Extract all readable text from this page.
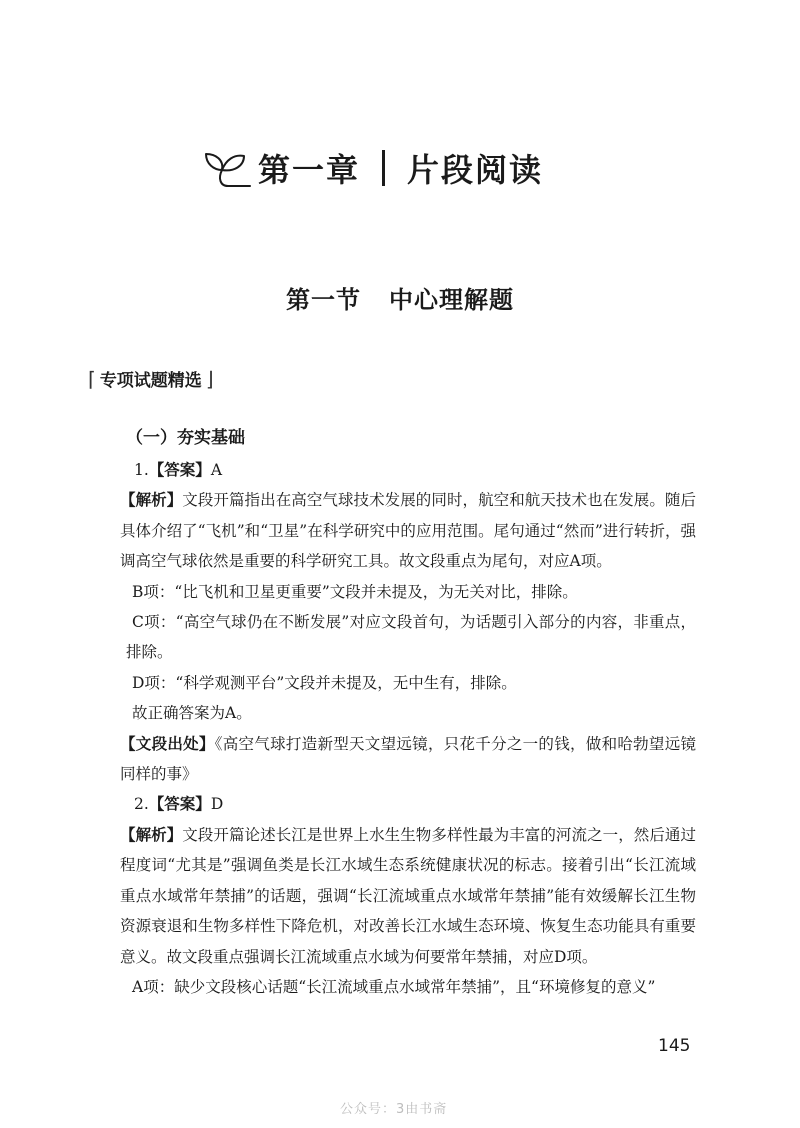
第一章 片段阅读
第一节 中心理解题
⌈ 专项试题精选 ⌋
（一）夯实基础

1.【答案】A

【解析】文段开篇指出在高空气球技术发展的同时，航空和航天技术也在发展。随后具体介绍了“飞机”和“卫星”在科学研究中的应用范围。尾句通过“然而”进行转折，强调高空气球依然是重要的科学研究工具。故文段重点为尾句，对应A项。

B项：“比飞机和卫星更重要”文段并未提及，为无关对比，排除。

C项：“高空气球仍在不断发展”对应文段首句，为话题引入部分的内容，非重点，排除。

D项：“科学观测平台”文段并未提及，无中生有，排除。

故正确答案为A。

【文段出处】《高空气球打造新型天文望远镜，只花千分之一的钱，做和哈勃望远镜同样的事》

2.【答案】D

【解析】文段开篇论述长江是世界上水生生物多样性最为丰富的河流之一，然后通过程度词“尤其是”强调鱼类是长江水域生态系统健康状况的标志。接着引出“长江流域重点水域常年禁捕”的话题，强调“长江流域重点水域常年禁捕”能有效缓解长江生物资源衰退和生物多样性下降危机，对改善长江水域生态环境、恢复生态功能具有重要意义。故文段重点强调长江流域重点水域为何要常年禁捕，对应D项。

A项：缺少文段核心话题“长江流域重点水域常年禁捕”，且“环境修复的意义”

145
公众号：3由书斋
